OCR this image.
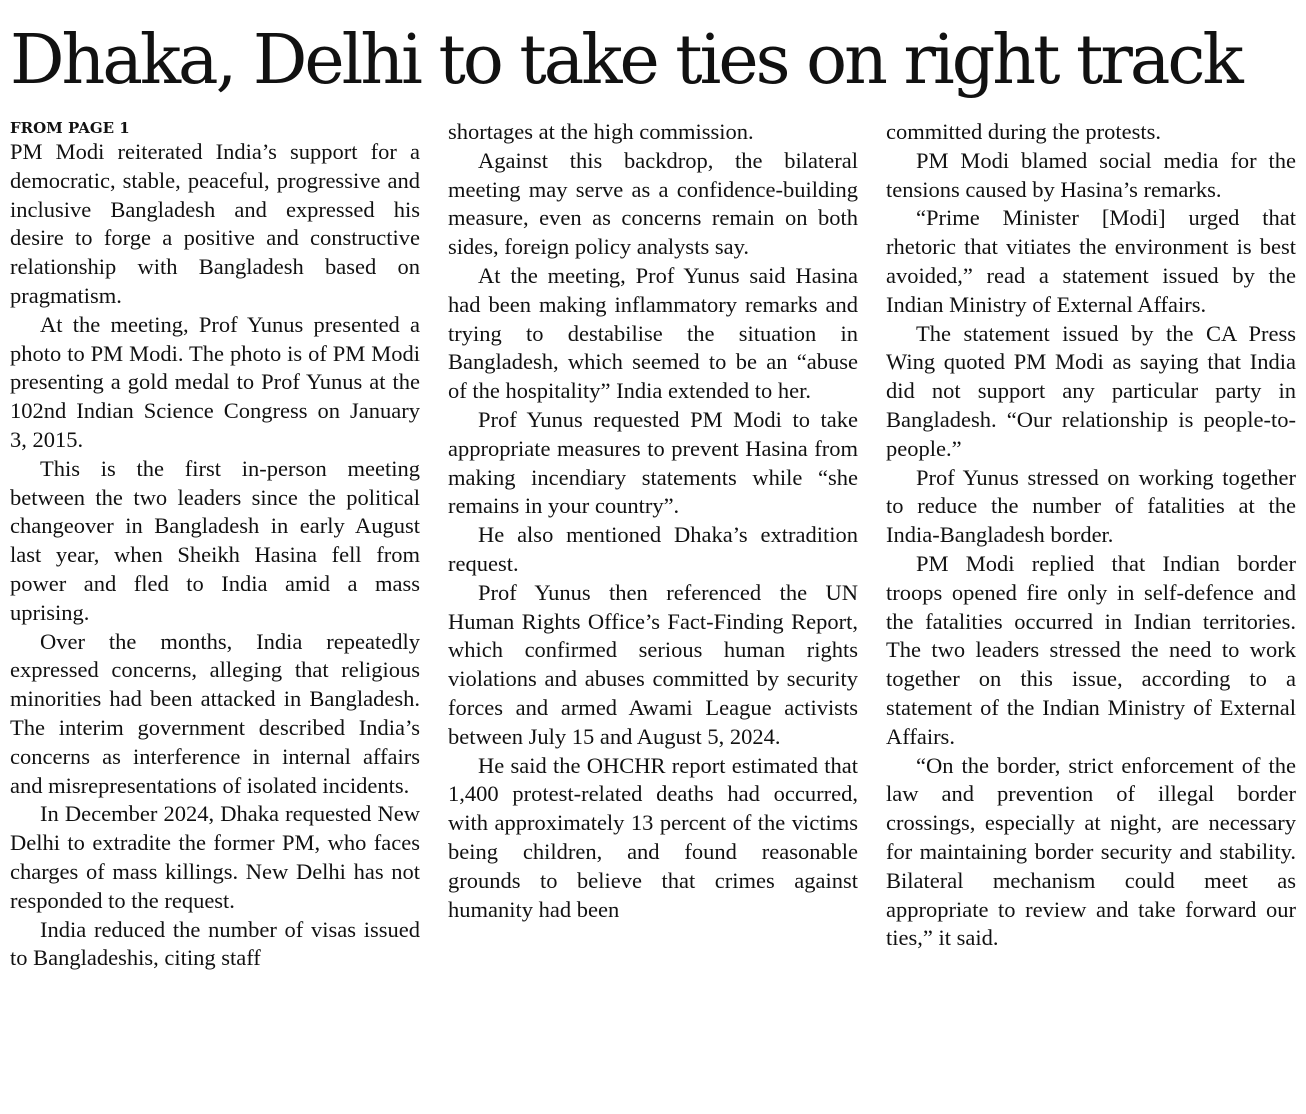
Dhaka, Delhi to take ties on right track

FROM PAGE 1

PM Modi reiterated India’s support for a democratic, stable, peaceful, progressive and inclusive Bangladesh and expressed his desire to forge a positive and constructive relationship with Bangladesh based on pragmatism.

At the meeting, Prof Yunus presented a photo to PM Modi. The photo is of PM Modi presenting a gold medal to Prof Yunus at the 102nd Indian Science Congress on January 3, 2015.

This is the first in-person meeting between the two leaders since the political changeover in Bangladesh in early August last year, when Sheikh Hasina fell from power and fled to India amid a mass uprising.

Over the months, India repeatedly expressed concerns, alleging that religious minorities had been attacked in Bangladesh. The interim government described India’s concerns as interference in internal affairs and misrepresentations of isolated incidents.

In December 2024, Dhaka requested New Delhi to extradite the former PM, who faces charges of mass killings. New Delhi has not responded to the request.

India reduced the number of visas issued to Bangladeshis, citing staff

shortages at the high commission.

Against this backdrop, the bilateral meeting may serve as a confidence-building measure, even as concerns remain on both sides, foreign policy analysts say.

At the meeting, Prof Yunus said Hasina had been making inflammatory remarks and trying to destabilise the situation in Bangladesh, which seemed to be an “abuse of the hospitality” India extended to her.

Prof Yunus requested PM Modi to take appropriate measures to prevent Hasina from making incendiary statements while “she remains in your country”.

He also mentioned Dhaka’s extradition request.

Prof Yunus then referenced the UN Human Rights Office’s Fact-Finding Report, which confirmed serious human rights violations and abuses committed by security forces and armed Awami League activists between July 15 and August 5, 2024.

He said the OHCHR report estimated that 1,400 protest-related deaths had occurred, with approximately 13 percent of the victims being children, and found reasonable grounds to believe that crimes against humanity had been

committed during the protests.

PM Modi blamed social media for the tensions caused by Hasina’s remarks.

“Prime Minister [Modi] urged that rhetoric that vitiates the environment is best avoided,” read a statement issued by the Indian Ministry of External Affairs.

The statement issued by the CA Press Wing quoted PM Modi as saying that India did not support any particular party in Bangladesh. “Our relationship is people-to-people.”

Prof Yunus stressed on working together to reduce the number of fatalities at the India-Bangladesh border.

PM Modi replied that Indian border troops opened fire only in self-defence and the fatalities occurred in Indian territories. The two leaders stressed the need to work together on this issue, according to a statement of the Indian Ministry of External Affairs.

“On the border, strict enforcement of the law and prevention of illegal border crossings, especially at night, are necessary for maintaining border security and stability. Bilateral mechanism could meet as appropriate to review and take forward our ties,” it said.
